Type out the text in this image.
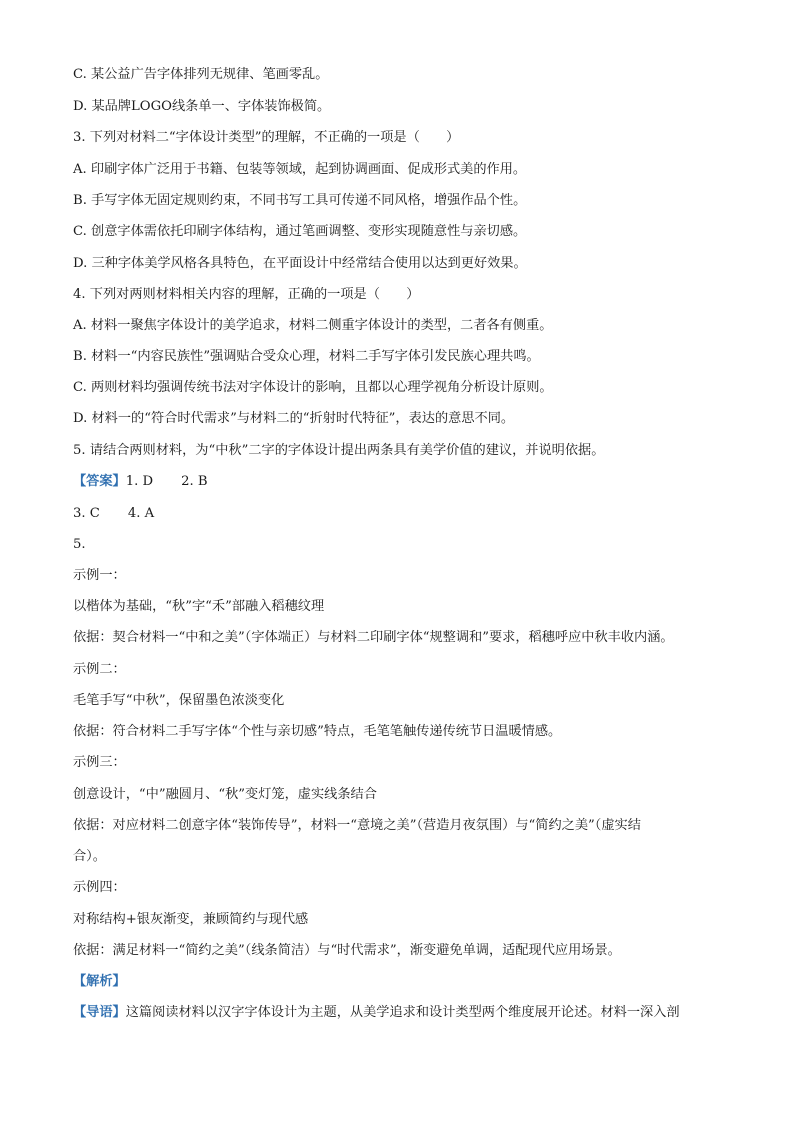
C. 某公益广告字体排列无规律、笔画零乱。
D. 某品牌LOGO线条单一、字体装饰极简。
3. 下列对材料二“字体设计类型”的理解，不正确的一项是（　　）
A. 印刷字体广泛用于书籍、包装等领域，起到协调画面、促成形式美的作用。
B. 手写字体无固定规则约束，不同书写工具可传递不同风格，增强作品个性。
C. 创意字体需依托印刷字体结构，通过笔画调整、变形实现随意性与亲切感。
D. 三种字体美学风格各具特色，在平面设计中经常结合使用以达到更好效果。
4. 下列对两则材料相关内容的理解，正确的一项是（　　）
A. 材料一聚焦字体设计的美学追求，材料二侧重字体设计的类型，二者各有侧重。
B. 材料一“内容民族性”强调贴合受众心理，材料二手写字体引发民族心理共鸣。
C. 两则材料均强调传统书法对字体设计的影响，且都以心理学视角分析设计原则。
D. 材料一的“符合时代需求”与材料二的“折射时代特征”，表达的意思不同。
5. 请结合两则材料，为“中秋”二字的字体设计提出两条具有美学价值的建议，并说明依据。
【答案】1. D 2. B
3. C 4. A
5.
示例一：
以楷体为基础，“秋”字“禾”部融入稻穗纹理
依据：契合材料一“中和之美”（字体端正）与材料二印刷字体“规整调和”要求，稻穗呼应中秋丰收内涵。
示例二：
毛笔手写“中秋”，保留墨色浓淡变化
依据：符合材料二手写字体“个性与亲切感”特点，毛笔笔触传递传统节日温暖情感。
示例三：
创意设计，“中”融圆月、“秋”变灯笼，虚实线条结合
依据：对应材料二创意字体“装饰传导”，材料一“意境之美”（营造月夜氛围）与“简约之美”（虚实结
合）。
示例四：
对称结构+银灰渐变，兼顾简约与现代感
依据：满足材料一“简约之美”（线条简洁）与“时代需求”，渐变避免单调，适配现代应用场景。
【解析】
【导语】这篇阅读材料以汉字字体设计为主题，从美学追求和设计类型两个维度展开论述。材料一深入剖
